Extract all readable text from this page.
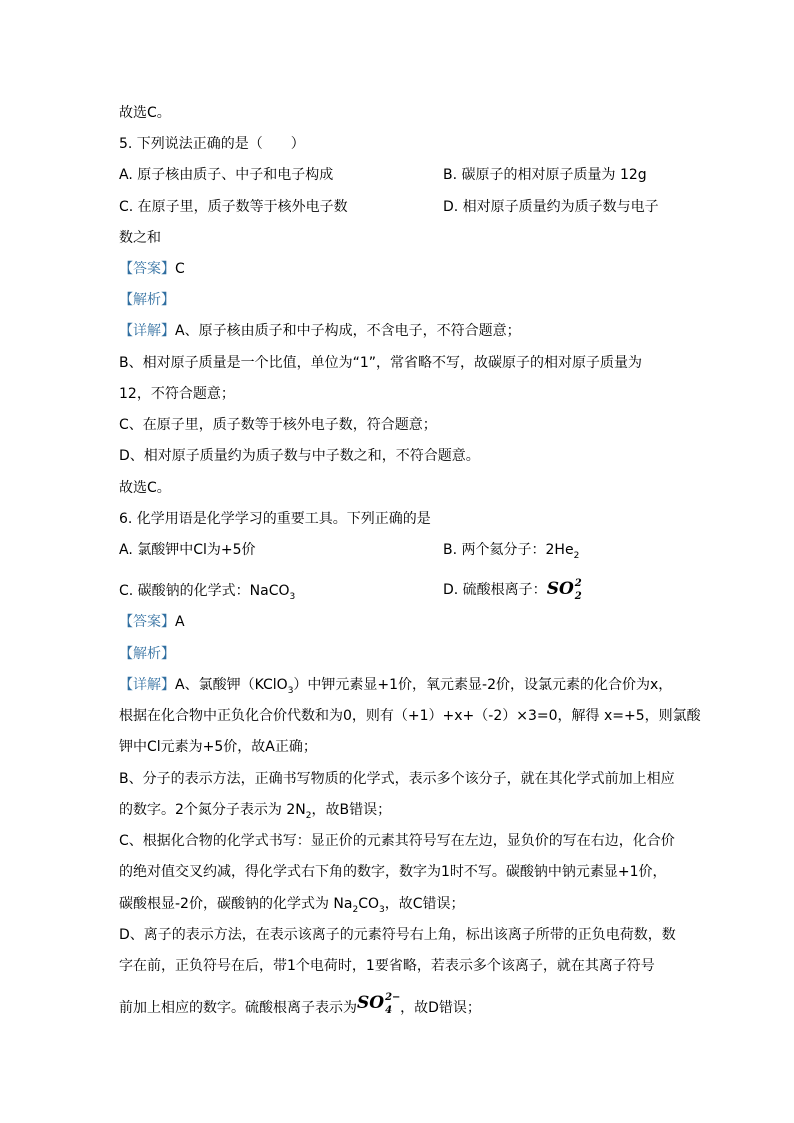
故选C。
5. 下列说法正确的是（　　）
A. 原子核由质子、中子和电子构成	B. 碳原子的相对原子质量为 12g
C. 在原子里，质子数等于核外电子数	D. 相对原子质量约为质子数与电子
数之和
【答案】C
【解析】
【详解】A、原子核由质子和中子构成，不含电子，不符合题意；
B、相对原子质量是一个比值，单位为“1”，常省略不写，故碳原子的相对原子质量为
12，不符合题意；
C、在原子里，质子数等于核外电子数，符合题意；
D、相对原子质量约为质子数与中子数之和，不符合题意。
故选C。
6. 化学用语是化学学习的重要工具。下列正确的是
A. 氯酸钾中Cl为+5价	B. 两个氦分子：$2He_2$
C. 碳酸钠的化学式：NaCO$_3$	D. 硫酸根离子：SO 2
2
【答案】A
【解析】
【详解】A、氯酸钾（KClO$_3$）中钾元素显+1价，氧元素显-2价，设氯元素的化合价为x，
根据在化合物中正负化合价代数和为0，则有（+1）+x+（-2）×3=0，解得 x=+5，则氯酸
钾中Cl元素为+5价，故A正确；
B、分子的表示方法，正确书写物质的化学式，表示多个该分子，就在其化学式前加上相应
的数字。2个氮分子表示为 $2N_2$，故B错误；
C、根据化合物的化学式书写：显正价的元素其符号写在左边，显负价的写在右边，化合价
的绝对值交叉约减，得化学式右下角的数字，数字为1时不写。碳酸钠中钠元素显+1价，
碳酸根显-2价，碳酸钠的化学式为 $Na_2CO_3$，故C错误；
D、离子的表示方法，在表示该离子的元素符号右上角，标出该离子所带的正负电荷数，数
字在前，正负符号在后，带1个电荷时，1要省略，若表示多个该离子，就在其离子符号
前加上相应的数字。硫酸根离子表示为SO 2−
4 ，故D错误；
